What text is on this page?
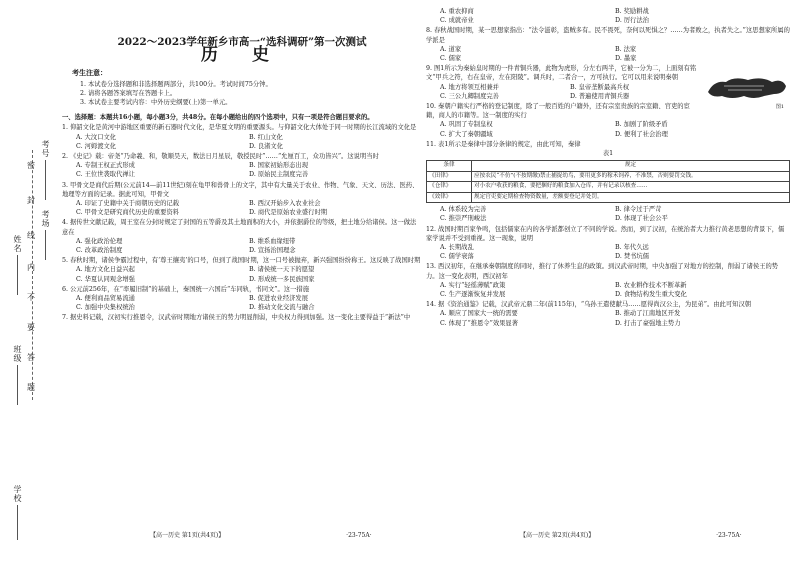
考号
考场
姓名
班级
学校
密
封
线
内
不
要
答
题
2022～2023学年新乡市高一“选科调研”第一次测试
历 史
考生注意：
1. 本试卷分选择题和非选择题两部分，共100分。考试时间75分钟。
2. 请将各题答案填写在答题卡上。
3. 本试卷主要考试内容：中外历史纲要(上)第一单元。
一、选择题：本题共16小题，每小题3分，共48分。在每小题给出的四个选项中，只有一项是符合题目要求的。
1. 仰韶文化是黄河中游地区重要的新石器时代文化，是华夏文明的重要源头。与仰韶文化大体处于同一时期的长江流域的文化是
A. 大汶口文化	B. 红山文化
C. 河姆渡文化	D. 良渚文化
2. 《史记》载：帝尧“乃命羲、和，敬顺昊天，数法日月星辰，敬授民时”……“允厘百工，众功皆兴”。这说明当时
A. 专制王权正式形成	B. 国家初始形态出现
C. 王位世袭取代禅让	D. 原始民主制度完善
3. 甲骨文是商代后期(公元前14—前11世纪)刻在龟甲和兽骨上的文字，其中有大量关于农业、作物、气象、天文、历法、医药、地理等方面的记录。据此可知，甲骨文
A. 印证了史籍中关于商朝历史的记载	B. 西汉开始步入农业社会
C. 甲骨文是研究商代历史的重要资料	D. 商代是原始农业盛行时期
4. 据传世文献记载，周王室在分封时规定了封国的五等爵及其土地面积的大小，并依据爵位的等级，把土地分给诸侯。这一做法意在
A. 强化政治伦理	B. 维系血缘纽带
C. 改革政治制度	D. 宣扬治国理念
5. 春秋时期，诸侯争霸过程中，有‘尊王攘夷’的口号，但到了战国时期，这一口号被抛弃，新兴强国纷纷称王。这反映了战国时期
A. 地方文化日益兴起	B. 诸侯统一天下的愿望
C. 华夏认同观念增强	D. 形成统一多民族国家
6. 公元前256年，在“率履旧制”的基础上，秦国统一六国后“车同轨，书同文”。这一措施
A. 便利商品贸易流通	B. 促进农业经济发展
C. 加强中央集权统治	D. 推动文化交流与融合
7. 据史料记载，汉初实行推恩令，汉武帝时期地方诸侯王的势力明显削弱，中央权力得到加强。这一变化主要得益于“新法”中
A. 重农抑商	B. 奖励耕战
C. 成就帝业	D. 厉行法治
8. 春秋战国时期，某一思想家指出：“法令滋彰，盗贼多有。民不畏死，奈何以死惧之？……为者败之，执者失之。”这思想家所属的学派是
A. 道家	B. 法家
C. 儒家	D. 墨家
图1
9. 图1所示为秦始皇时期的一件青铜兵器，此物为虎形，分左右两半，它被一分为二，上面刻有铭文“甲兵之符，右在皇帝，左在阳陵”。调兵时，二者合一，方可执行。它可以用来说明秦朝
A. 地方将领互相兼并	B. 皇帝垄断最高兵权
C. 三公九卿制度完善	D. 普遍使用青铜兵器
10. 秦朝户籍实行严格的登记制度，除了一般百姓的户籍外，还有宗室贵族的宗室籍、官吏的宦籍，商人的市籍等。这一制度的实行
A. 巩固了专制皇权	B. 加剧了阶级矛盾
C. 扩大了秦朝疆域	D. 便利了社会治理
11. 表1所示是秦律中部分条律的规定，由此可知，秦律
表1
条律	规定
《田律》	应按农民“不仿”(不按期缴)禁止捕捉幼鸟，要用更多的稼禾饲养，不准禁，否则要罚交钱。
《仓律》	对小农户收获的粮食，要把捆好的粮食加入仓库，并有记录以核查……
《效律》	规定官吏要定期检查物资数量，差额要登记并处罚。
A. 体系较为完善	B. 律令过于严苛
C. 推崇严刑峻法	D. 体现了社会公平
12. 战国时期百家争鸣，包括儒家在内的各学派都创立了不同的学说。然而，到了汉初，在统治者大力推行黄老思想的背景下，儒家学说并不受到重视。这一现象，说明
A. 长期战乱	B. 年代久远
C. 儒学衰落	D. 焚书坑儒
13. 西汉初年，在继承秦朝制度的同时，推行了休养生息的政策。到汉武帝时期，中央加强了对地方的控制，削弱了诸侯王的势力。这一变化表明，西汉初年
A. 实行“轻徭薄赋”政策	B. 农业耕作技术不断革新
C. 生产逐渐恢复并发展	D. 食物结构发生重大变化
14. 据《资治通鉴》记载，汉武帝元鼎二年(前115年)，“乌孙王遣使献马……愿得尚汉公主，为昆弟”。由此可知汉朝
A. 顺应了国家大一统的需要	B. 推动了江南地区开发
C. 体现了“推恩令”效果显著	D. 打击了豪强地主势力
【高一历史 第1页(共4页)】	·23-75A·	【高一历史 第2页(共4页)】	·23-75A·
